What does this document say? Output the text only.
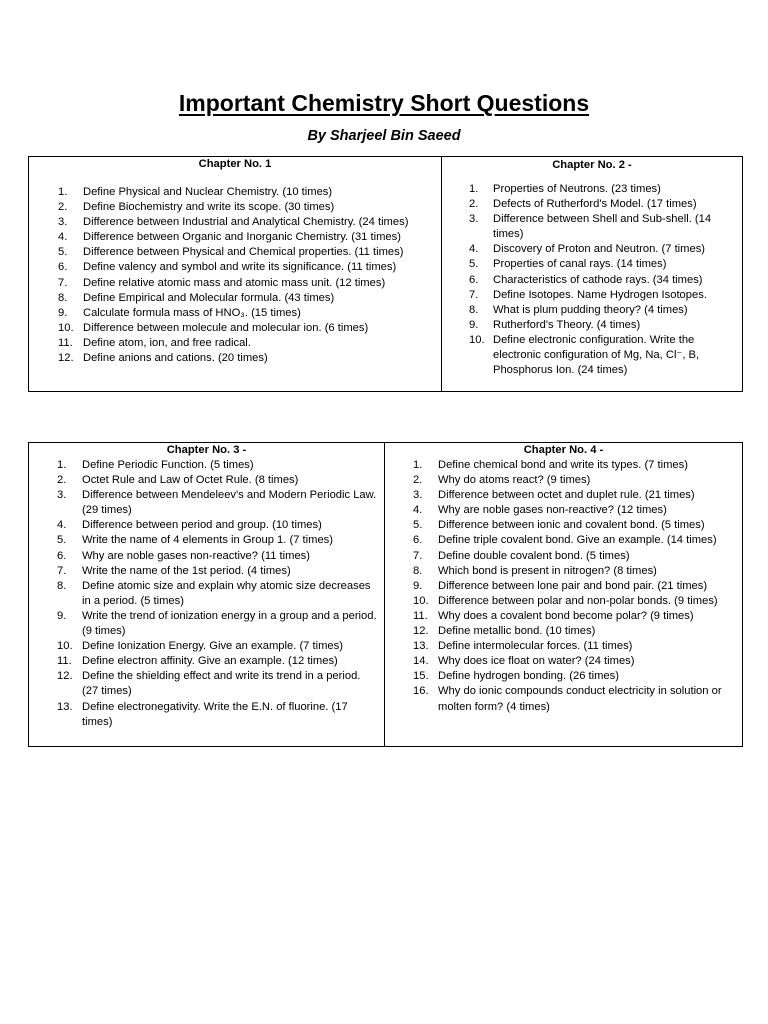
Important Chemistry Short Questions
By Sharjeel Bin Saeed
Chapter No. 1
1.	Define Physical and Nuclear Chemistry. (10 times)
2.	Define Biochemistry and write its scope. (30 times)
3.	Difference between Industrial and Analytical Chemistry. (24 times)
4.	Difference between Organic and Inorganic Chemistry. (31 times)
5.	Difference between Physical and Chemical properties. (11 times)
6.	Define valency and symbol and write its significance. (11 times)
7.	Define relative atomic mass and atomic mass unit. (12 times)
8.	Define Empirical and Molecular formula. (43 times)
9.	Calculate formula mass of HNO₃. (15 times)
10. Difference between molecule and molecular ion. (6 times)
11. Define atom, ion, and free radical.
12. Define anions and cations. (20 times)
Chapter No. 2 -
1.	Properties of Neutrons. (23 times)
2.	Defects of Rutherford's Model. (17 times)
3.	Difference between Shell and Sub-shell. (14 times)
4.	Discovery of Proton and Neutron. (7 times)
5.	Properties of canal rays. (14 times)
6.	Characteristics of cathode rays. (34 times)
7.	Define Isotopes. Name Hydrogen Isotopes.
8.	What is plum pudding theory? (4 times)
9.	Rutherford's Theory. (4 times)
10. Define electronic configuration. Write the electronic configuration of Mg, Na, Cl⁻, B, Phosphorus Ion. (24 times)
Chapter No. 3 -
1.	Define Periodic Function. (5 times)
2.	Octet Rule and Law of Octet Rule. (8 times)
3.	Difference between Mendeleev's and Modern Periodic Law. (29 times)
4.	Difference between period and group. (10 times)
5.	Write the name of 4 elements in Group 1. (7 times)
6.	Why are noble gases non-reactive? (11 times)
7.	Write the name of the 1st period. (4 times)
8.	Define atomic size and explain why atomic size decreases in a period. (5 times)
9.	Write the trend of ionization energy in a group and a period. (9 times)
10. Define Ionization Energy. Give an example. (7 times)
11. Define electron affinity. Give an example. (12 times)
12. Define the shielding effect and write its trend in a period. (27 times)
13. Define electronegativity. Write the E.N. of fluorine. (17 times)
Chapter No. 4 -
1.	Define chemical bond and write its types. (7 times)
2.	Why do atoms react? (9 times)
3.	Difference between octet and duplet rule. (21 times)
4.	Why are noble gases non-reactive? (12 times)
5.	Difference between ionic and covalent bond. (5 times)
6.	Define triple covalent bond. Give an example. (14 times)
7.	Define double covalent bond. (5 times)
8.	Which bond is present in nitrogen? (8 times)
9.	Difference between lone pair and bond pair. (21 times)
10. Difference between polar and non-polar bonds. (9 times)
11. Why does a covalent bond become polar? (9 times)
12. Define metallic bond. (10 times)
13. Define intermolecular forces. (11 times)
14. Why does ice float on water? (24 times)
15. Define hydrogen bonding. (26 times)
16. Why do ionic compounds conduct electricity in solution or molten form? (4 times)
